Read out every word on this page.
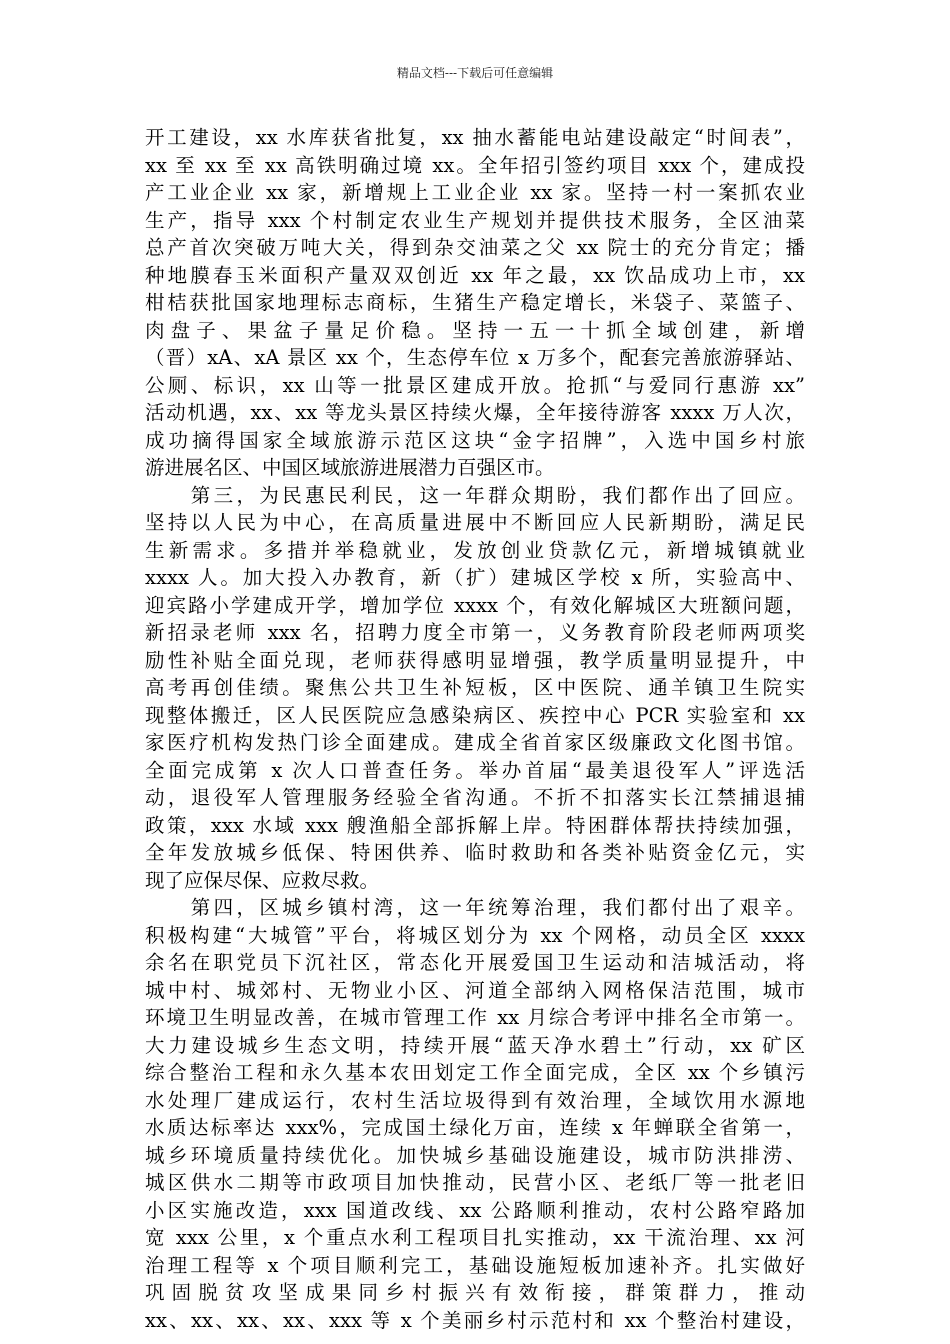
精品文档---下载后可任意编辑
开工建设，xx 水库获省批复，xx 抽水蓄能电站建设敲定“时间表”，
xx 至 xx 至 xx 高铁明确过境 xx。全年招引签约项目 xxx 个，建成投
产工业企业 xx 家，新增规上工业企业 xx 家。坚持一村一案抓农业
生产，指导 xxx 个村制定农业生产规划并提供技术服务，全区油菜
总产首次突破万吨大关，得到杂交油菜之父 xx 院士的充分肯定；播
种地膜春玉米面积产量双双创近 xx 年之最，xx 饮品成功上市，xx
柑桔获批国家地理标志商标，生猪生产稳定增长，米袋子、菜篮子、
肉盘子、果盆子量足价稳。坚持一五一十抓全域创建，新增
（晋）xA、xA 景区 xx 个，生态停车位 x 万多个，配套完善旅游驿站、
公厕、标识，xx 山等一批景区建成开放。抢抓“与爱同行惠游 xx”
活动机遇，xx、xx 等龙头景区持续火爆，全年接待游客 xxxx 万人次，
成功摘得国家全域旅游示范区这块“金字招牌”，入选中国乡村旅
游进展名区、中国区域旅游进展潜力百强区市。
　　第三，为民惠民利民，这一年群众期盼，我们都作出了回应。
坚持以人民为中心，在高质量进展中不断回应人民新期盼，满足民
生新需求。多措并举稳就业，发放创业贷款亿元，新增城镇就业
xxxx 人。加大投入办教育，新（扩）建城区学校 x 所，实验高中、
迎宾路小学建成开学，增加学位 xxxx 个，有效化解城区大班额问题，
新招录老师 xxx 名，招聘力度全市第一，义务教育阶段老师两项奖
励性补贴全面兑现，老师获得感明显增强，教学质量明显提升，中
高考再创佳绩。聚焦公共卫生补短板，区中医院、通羊镇卫生院实
现整体搬迁，区人民医院应急感染病区、疾控中心 PCR 实验室和 xx
家医疗机构发热门诊全面建成。建成全省首家区级廉政文化图书馆。
全面完成第 x 次人口普查任务。举办首届“最美退役军人”评选活
动，退役军人管理服务经验全省沟通。不折不扣落实长江禁捕退捕
政策，xxx 水域 xxx 艘渔船全部拆解上岸。特困群体帮扶持续加强，
全年发放城乡低保、特困供养、临时救助和各类补贴资金亿元，实
现了应保尽保、应救尽救。
　　第四，区城乡镇村湾，这一年统筹治理，我们都付出了艰辛。
积极构建“大城管”平台，将城区划分为 xx 个网格，动员全区 xxxx
余名在职党员下沉社区，常态化开展爱国卫生运动和洁城活动，将
城中村、城郊村、无物业小区、河道全部纳入网格保洁范围，城市
环境卫生明显改善，在城市管理工作 xx 月综合考评中排名全市第一。
大力建设城乡生态文明，持续开展“蓝天净水碧土”行动，xx 矿区
综合整治工程和永久基本农田划定工作全面完成，全区 xx 个乡镇污
水处理厂建成运行，农村生活垃圾得到有效治理，全域饮用水源地
水质达标率达 xxx%，完成国土绿化万亩，连续 x 年蝉联全省第一，
城乡环境质量持续优化。加快城乡基础设施建设，城市防洪排涝、
城区供水二期等市政项目加快推动，民营小区、老纸厂等一批老旧
小区实施改造，xxx 国道改线、xx 公路顺利推动，农村公路窄路加
宽 xxx 公里，x 个重点水利工程项目扎实推动，xx 干流治理、xx 河
治理工程等 x 个项目顺利完工，基础设施短板加速补齐。扎实做好
巩固脱贫攻坚成果同乡村振兴有效衔接，群策群力，推动
xx、xx、xx、xx、xxx 等 x 个美丽乡村示范村和 xx 个整治村建设，
